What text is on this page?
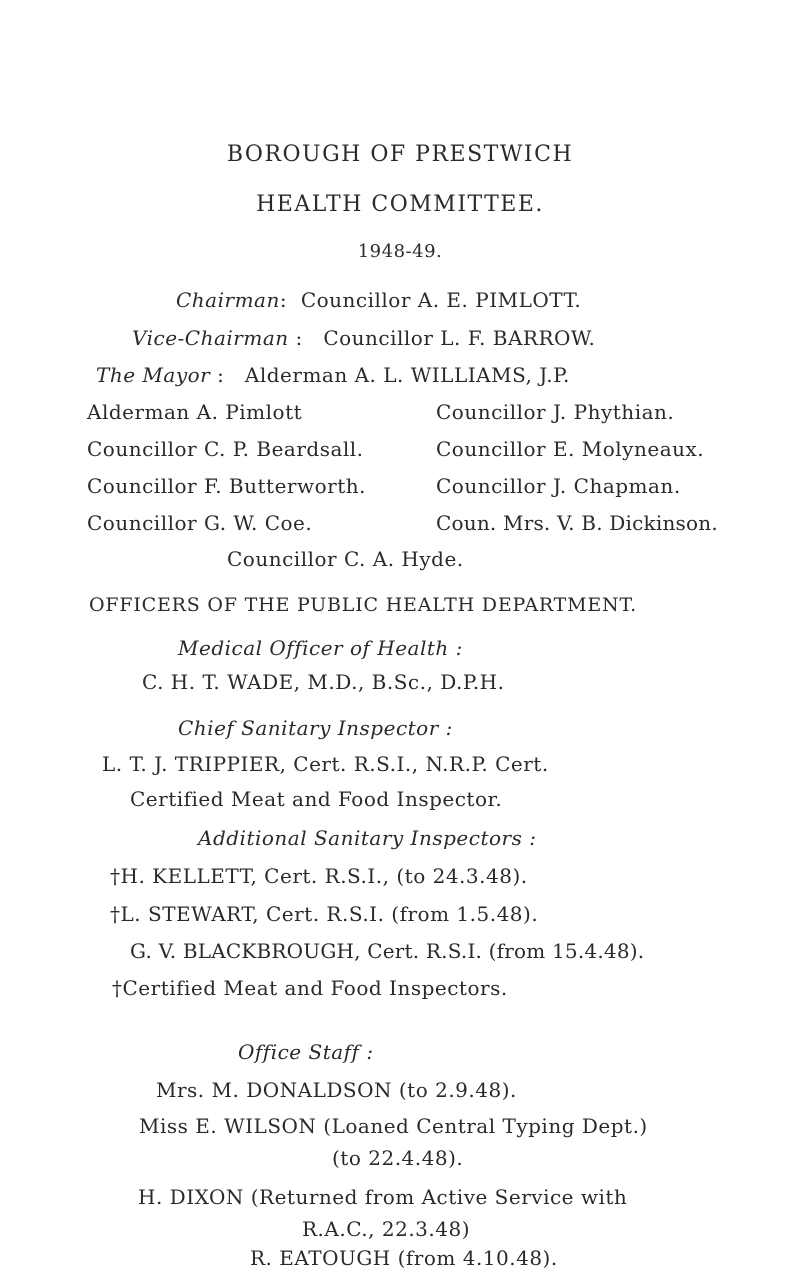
BOROUGH OF PRESTWICH
HEALTH COMMITTEE.
1948-49.
Chairman: Councillor A. E. PIMLOTT.
Vice-Chairman : Councillor L. F. BARROW.
The Mayor : Alderman A. L. WILLIAMS, J.P.
Alderman A. Pimlott
Councillor C. P. Beardsall.
Councillor F. Butterworth.
Councillor G. W. Coe.
Councillor J. Phythian.
Councillor E. Molyneaux.
Councillor J. Chapman.
Coun. Mrs. V. B. Dickinson.
Councillor C. A. Hyde.
OFFICERS OF THE PUBLIC HEALTH DEPARTMENT.
Medical Officer of Health :
C. H. T. WADE, M.D., B.Sc., D.P.H.
Chief Sanitary Inspector :
L. T. J. TRIPPIER, Cert. R.S.I., N.R.P. Cert.
Certified Meat and Food Inspector.
Additional Sanitary Inspectors :
†H. KELLETT, Cert. R.S.I., (to 24.3.48).
†L. STEWART, Cert. R.S.I. (from 1.5.48).
G. V. BLACKBROUGH, Cert. R.S.I. (from 15.4.48).
†Certified Meat and Food Inspectors.
Office Staff :
Mrs. M. DONALDSON (to 2.9.48).
Miss E. WILSON (Loaned Central Typing Dept.)
(to 22.4.48).
H. DIXON (Returned from Active Service with
R.A.C., 22.3.48)
R. EATOUGH (from 4.10.48).
